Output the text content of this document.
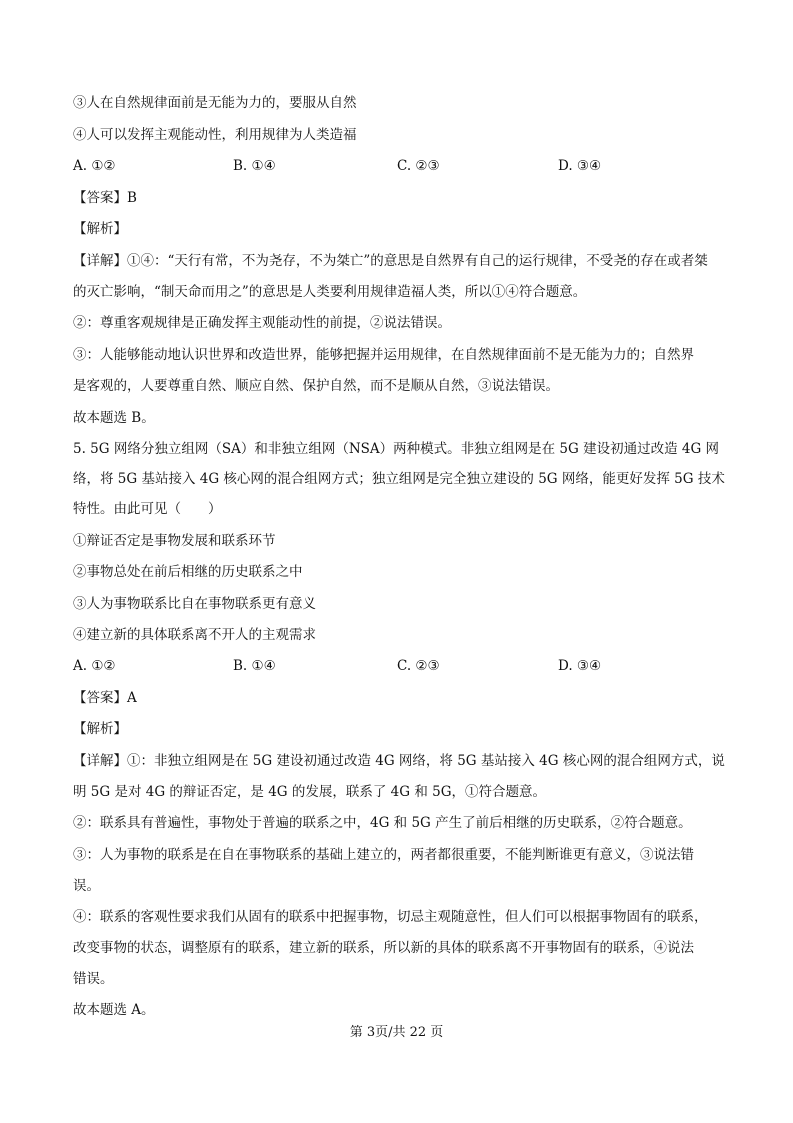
③人在自然规律面前是无能为力的，要服从自然
④人可以发挥主观能动性，利用规律为人类造福
A. ①②	B. ①④	C. ②③	D. ③④
【答案】B
【解析】
【详解】①④：“天行有常，不为尧存，不为桀亡”的意思是自然界有自己的运行规律，不受尧的存在或者桀
的灭亡影响，“制天命而用之”的意思是人类要利用规律造福人类，所以①④符合题意。
②：尊重客观规律是正确发挥主观能动性的前提，②说法错误。
③：人能够能动地认识世界和改造世界，能够把握并运用规律，在自然规律面前不是无能为力的；自然界
是客观的，人要尊重自然、顺应自然、保护自然，而不是顺从自然，③说法错误。
故本题选 B。
5. 5G 网络分独立组网（SA）和非独立组网（NSA）两种模式。非独立组网是在 5G 建设初通过改造 4G 网
络，将 5G 基站接入 4G 核心网的混合组网方式；独立组网是完全独立建设的 5G 网络，能更好发挥 5G 技术
特性。由此可见（　　）
①辩证否定是事物发展和联系环节
②事物总处在前后相继的历史联系之中
③人为事物联系比自在事物联系更有意义
④建立新的具体联系离不开人的主观需求
A. ①②	B. ①④	C. ②③	D. ③④
【答案】A
【解析】
【详解】①：非独立组网是在 5G 建设初通过改造 4G 网络，将 5G 基站接入 4G 核心网的混合组网方式，说
明 5G 是对 4G 的辩证否定，是 4G 的发展，联系了 4G 和 5G，①符合题意。
②：联系具有普遍性，事物处于普遍的联系之中，4G 和 5G 产生了前后相继的历史联系，②符合题意。
③：人为事物的联系是在自在事物联系的基础上建立的，两者都很重要，不能判断谁更有意义，③说法错
误。
④：联系的客观性要求我们从固有的联系中把握事物，切忌主观随意性，但人们可以根据事物固有的联系，
改变事物的状态，调整原有的联系，建立新的联系，所以新的具体的联系离不开事物固有的联系，④说法
错误。
故本题选 A。
第 3页/共 22 页
